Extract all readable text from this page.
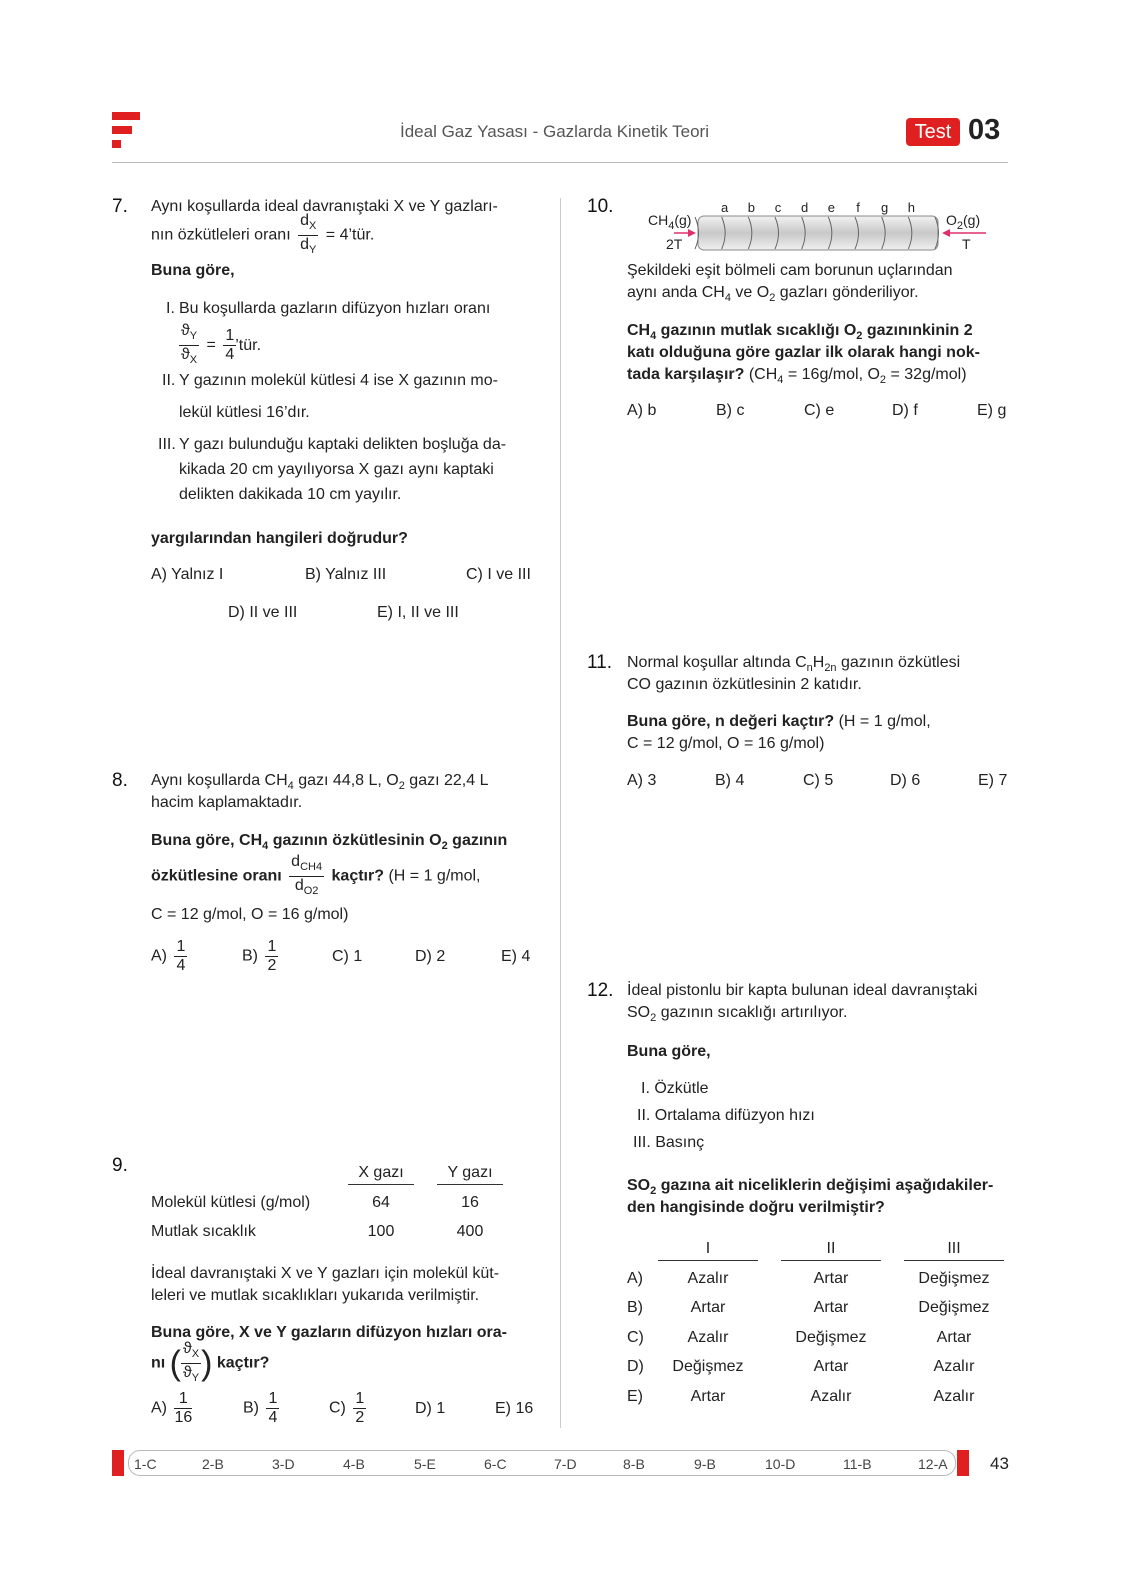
İdeal Gaz Yasası - Gazlarda Kinetik Teori	Test 03
7. Aynı koşullarda ideal davranıştaki X ve Y gazları-
nın özkütleleri oranı $\frac{d_X}{d_Y}$ = 4’tür.
Buna göre,
I. Bu koşullarda gazların difüzyon hızları oranı
$\frac{ϑ_Y}{ϑ_X} = \frac{1}{4}$ ’tür.
II. Y gazının molekül kütlesi 4 ise X gazının mo-
lekül kütlesi 16’dır.
III. Y gazı bulunduğu kaptaki delikten boşluğa da-
kikada 20 cm yayılıyorsa X gazı aynı kaptaki
delikten dakikada 10 cm yayılır.
yargılarından hangileri doğrudur?
A) Yalnız I	B) Yalnız III	C) I ve III
D) II ve III	E) I, II ve III
8. Aynı koşullarda $CH_4$ gazı 44,8 L, $O_2$ gazı 22,4 L
hacim kaplamaktadır.
Buna göre, $CH_4$ gazının özkütlesinin $O_2$ gazının
özkütlesine oranı $\frac{d_{CH4}}{d_{O2}}$ kaçtır? (H = 1 g/mol,
C = 12 g/mol, O = 16 g/mol)
$A) \frac{1}{4}$	$B) \frac{1}{2}$	C) 1	D) 2	E) 4
9.	X gazı	Y gazı
Molekül kütlesi (g/mol)	64	16
Mutlak sıcaklık	100	400
İdeal davranıştaki X ve Y gazları için molekül küt-
leleri ve mutlak sıcaklıkları yukarıda verilmiştir.
Buna göre, X ve Y gazların difüzyon hızları ora-
nı ( $\frac{ϑ_X}{ϑ_Y}$ ) kaçtır?
$A) \frac{1}{16}$	$B) \frac{1}{4}$	$C) \frac{1}{2}$	D) 1	E) 16
10.	a b c d e f g h
$CH_4(g)$
2T
$O_2(g)$
T
Şekildeki eşit bölmeli cam borunun uçlarından
aynı anda $CH_4$ ve $O_2$ gazları gönderiliyor.
$CH_4$ gazının mutlak sıcaklığı $O_2$ gazınınkinin 2
katı olduğuna göre gazlar ilk olarak hangi nok-
tada karşılaşır? ($CH_4 = 16g/mol$, $O_2 = 32g/mol$)
A) b	B) c	C) e	D) f	E) g
11. Normal koşullar altında $C_nH_{2n}$ gazının özkütlesi
CO gazının özkütlesinin 2 katıdır.
Buna göre, n değeri kaçtır? (H = 1 g/mol,
C = 12 g/mol, O = 16 g/mol)
A) 3	B) 4	C) 5	D) 6	E) 7
12. İdeal pistonlu bir kapta bulunan ideal davranıştaki
$SO_2$ gazının sıcaklığı artırılıyor.
Buna göre,
I. Özkütle
II. Ortalama difüzyon hızı
III. Basınç
$SO_2$ gazına ait niceliklerin değişimi aşağıdakiler-
den hangisinde doğru verilmiştir?
I	II	III
A)	Azalır	Artar	Değişmez
B)	Artar	Artar	Değişmez
C)	Azalır	Değişmez	Artar
D)	Değişmez	Artar	Azalır
E)	Artar	Azalır	Azalır
1-C	2-B	3-D	4-B	5-E	6-C	7-D	8-B	9-B	10-D	11-B	12-A 43
